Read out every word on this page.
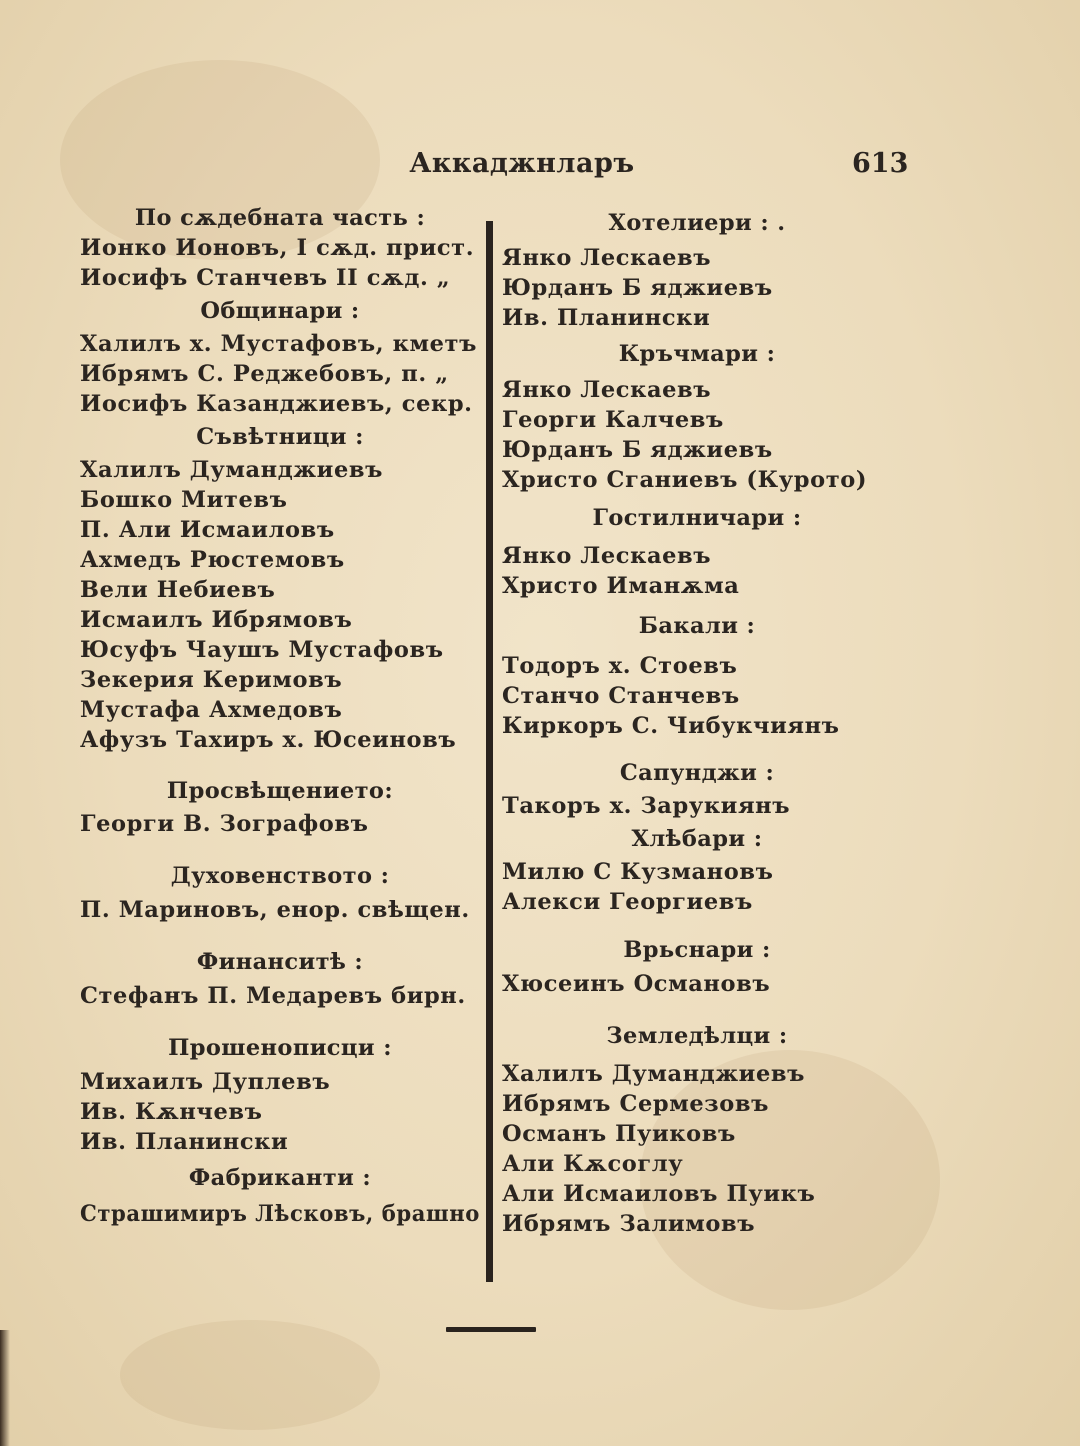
Аккаджнларъ	613
По сѫдебната часть :
Ионко Ионовъ, I сѫд. прист.
Иосифъ Станчевъ II сѫд. „
Общинари :
Халилъ х. Мустафовъ, кметъ
Ибрямъ С. Реджебовъ, п. „
Иосифъ Казанджиевъ, секр.
Съвѣтници :
Халилъ Думанджиевъ
Бошко Митевъ
П. Али Исмаиловъ
Ахмедъ Рюстемовъ
Вели Небиевъ
Исмаилъ Ибрямовъ
Юсуфъ Чаушъ Мустафовъ
Зекерия Керимовъ
Мустафа Ахмедовъ
Афузъ Тахиръ х. Юсеиновъ
Просвѣщението:
Георги В. Зографовъ
Духовенството :
П. Мариновъ, енор. свѣщен.
Финанситѣ :
Стефанъ П. Медаревъ бирн.
Прошенописци :
Михаилъ Дуплевъ
Ив. Кѫнчевъ
Ив. Планински
Фабриканти :
Страшимиръ Лѣсковъ, брашно
Хотелиери : .
Янко Лескаевъ
Юрданъ Б яджиевъ
Ив. Планински
Кръчмари :
Янко Лескаевъ
Георги Калчевъ
Юрданъ Б яджиевъ
Христо Сганиевъ (Курото)
Гостилничари :
Янко Лескаевъ
Христо Иманѫма
Бакали :
Тодоръ х. Стоевъ
Станчо Станчевъ
Киркоръ С. Чибукчиянъ
Сапунджи :
Такоръ х. Зарукиянъ
Хлѣбари :
Милю С Кузмановъ
Алекси Георгиевъ
Врьснари :
Хюсеинъ Османовъ
Земледѣлци :
Халилъ Думанджиевъ
Ибрямъ Сермезовъ
Османъ Пуиковъ
Али Кѫсоглу
Али Исмаиловъ Пуикъ
Ибрямъ Залимовъ
